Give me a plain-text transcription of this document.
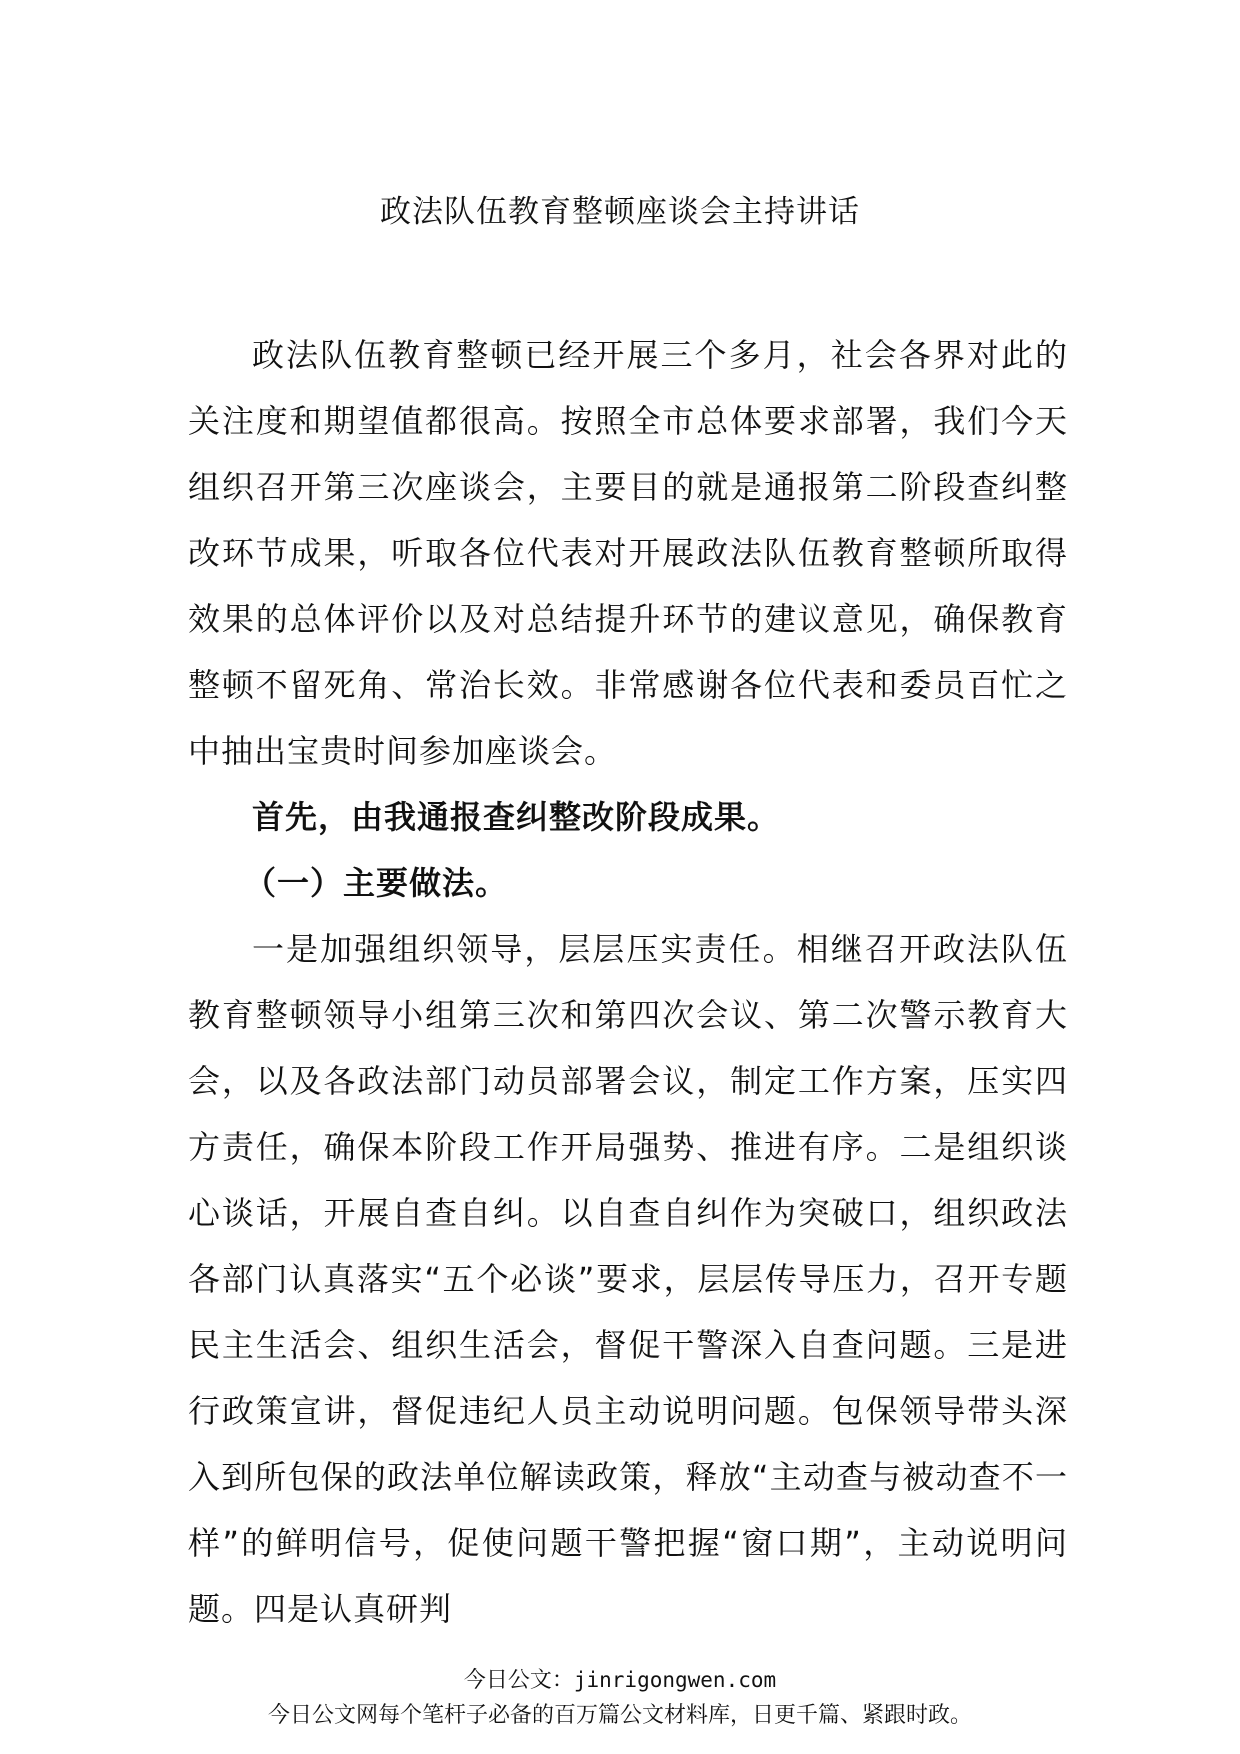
政法队伍教育整顿座谈会主持讲话

政法队伍教育整顿已经开展三个多月，社会各界对此的关注度和期望值都很高。按照全市总体要求部署，我们今天组织召开第三次座谈会，主要目的就是通报第二阶段查纠整改环节成果，听取各位代表对开展政法队伍教育整顿所取得效果的总体评价以及对总结提升环节的建议意见，确保教育整顿不留死角、常治长效。非常感谢各位代表和委员百忙之中抽出宝贵时间参加座谈会。

首先，由我通报查纠整改阶段成果。

（一）主要做法。

一是加强组织领导，层层压实责任。相继召开政法队伍教育整顿领导小组第三次和第四次会议、第二次警示教育大会，以及各政法部门动员部署会议，制定工作方案，压实四方责任，确保本阶段工作开局强势、推进有序。二是组织谈心谈话，开展自查自纠。以自查自纠作为突破口，组织政法各部门认真落实“五个必谈”要求，层层传导压力，召开专题民主生活会、组织生活会，督促干警深入自查问题。三是进行政策宣讲，督促违纪人员主动说明问题。包保领导带头深入到所包保的政法单位解读政策，释放“主动查与被动查不一样”的鲜明信号，促使问题干警把握“窗口期”，主动说明问题。四是认真研判

今日公文：jinrigongwen.com
今日公文网每个笔杆子必备的百万篇公文材料库，日更千篇、紧跟时政。
